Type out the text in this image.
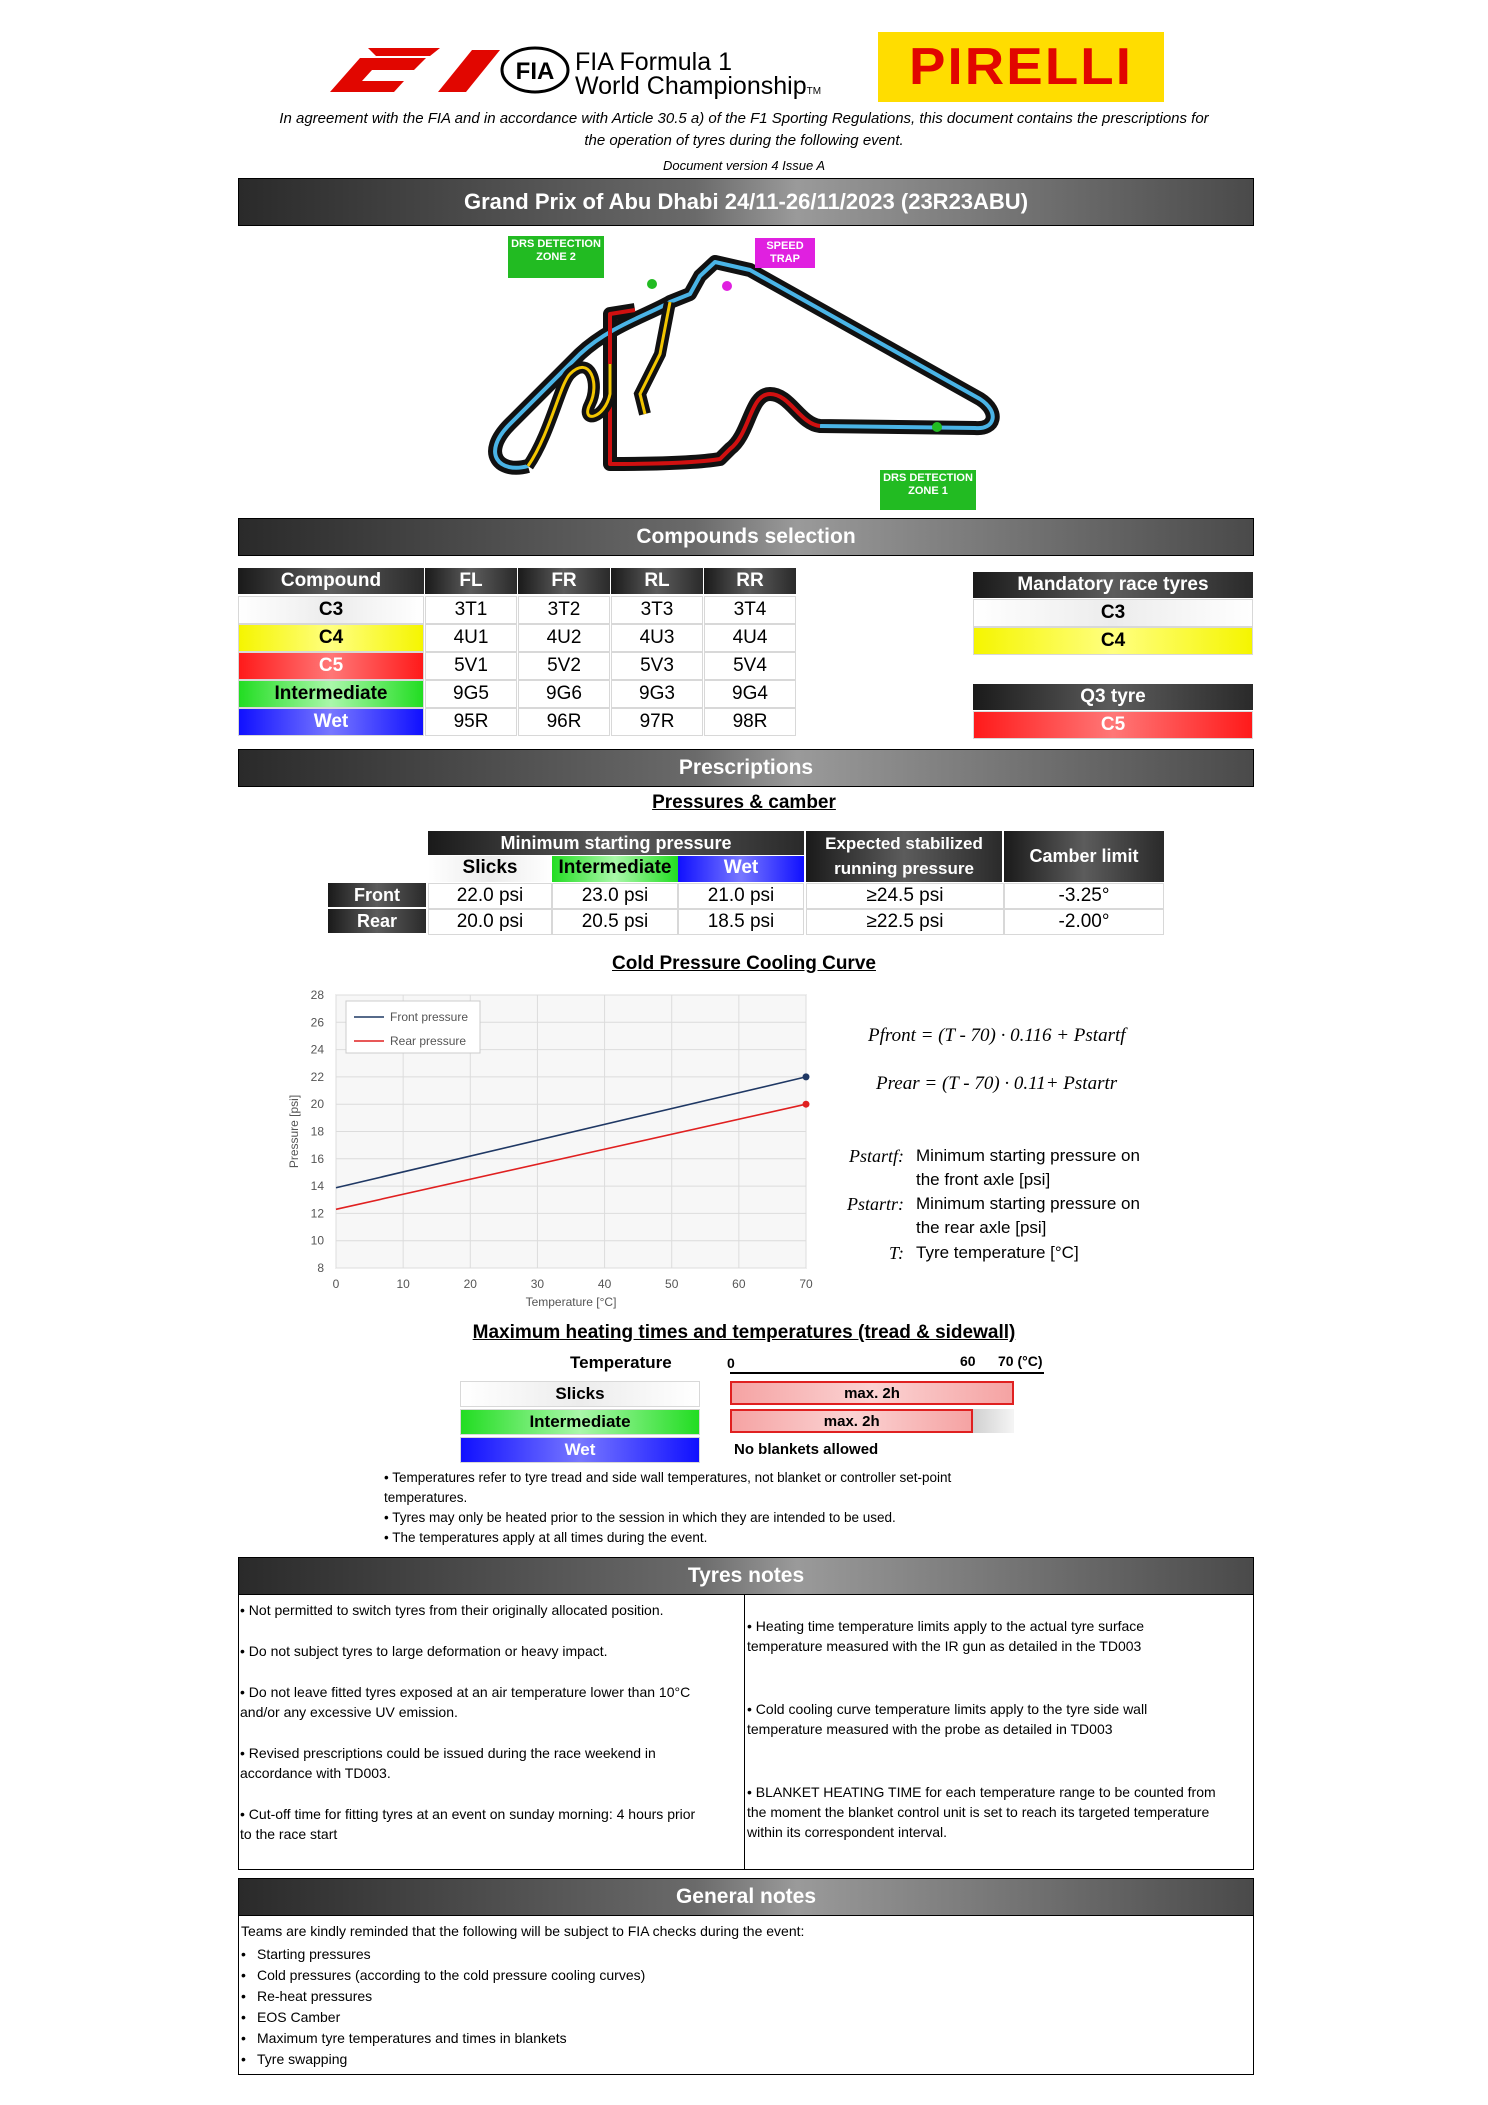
FIA FIA Formula 1
World ChampionshipTM	PIRELLI
In agreement with the FIA and in accordance with Article 30.5 a) of the F1 Sporting Regulations, this document contains the prescriptions for
the operation of tyres during the following event.
Document version 4 Issue A
Grand Prix of Abu Dhabi 24/11-26/11/2023 (23R23ABU)
DRS DETECTION ZONE 2
SPEED TRAP
DRS DETECTION ZONE 1
Compounds selection
Compound	FL	FR	RL	RR
C3	3T1	3T2	3T3	3T4
C4	4U1	4U2	4U3	4U4
C5	5V1	5V2	5V3	5V4
Intermediate	9G5	9G6	9G3	9G4
Wet	95R	96R	97R	98R
Mandatory race tyres
C3
C4
Q3 tyre
C5
Prescriptions
Pressures & camber
Minimum starting pressure
Slicks	Intermediate	Wet
Expected stabilized
running pressure
Camber limit
Front	22.0 psi	23.0 psi	21.0 psi	≥24.5 psi	-3.25°
Rear	20.0 psi	20.5 psi	18.5 psi	≥22.5 psi	-2.00°
Cold Pressure Cooling Curve
8
10
12
14
16
18
20
22
24
26
28
0	10	20	30	40	50	60	70
Temperature [°C]
Pressure [psi]
Front pressure
Rear pressure	Pfront = (T - 70) · 0.116 + Pstartf
Prear = (T - 70) · 0.11+ Pstartr
Pstartf: Minimum starting pressure on
the front axle [psi]
Pstartr: Minimum starting pressure on
the rear axle [psi]
T: Tyre temperature [°C]
Maximum heating times and temperatures (tread & sidewall)
Temperature	0	60 70 (°C)
Slicks	max. 2h
Intermediate	max. 2h
Wet	No blankets allowed
• Temperatures refer to tyre tread and side wall temperatures, not blanket or controller set-point
temperatures.
• Tyres may only be heated prior to the session in which they are intended to be used.
• The temperatures apply at all times during the event.
Tyres notes
• Not permitted to switch tyres from their originally allocated position.
• Do not subject tyres to large deformation or heavy impact.
• Do not leave fitted tyres exposed at an air temperature lower than 10°C
and/or any excessive UV emission.
• Revised prescriptions could be issued during the race weekend in
accordance with TD003.
• Cut-off time for fitting tyres at an event on sunday morning: 4 hours prior
to the race start
• Heating time temperature limits apply to the actual tyre surface
temperature measured with the IR gun as detailed in the TD003
• Cold cooling curve temperature limits apply to the tyre side wall
temperature measured with the probe as detailed in TD003
• BLANKET HEATING TIME for each temperature range to be counted from
the moment the blanket control unit is set to reach its targeted temperature
within its correspondent interval.
General notes
Teams are kindly reminded that the following will be subject to FIA checks during the event:
• Starting pressures
• Cold pressures (according to the cold pressure cooling curves)
• Re-heat pressures
• EOS Camber
• Maximum tyre temperatures and times in blankets
• Tyre swapping
